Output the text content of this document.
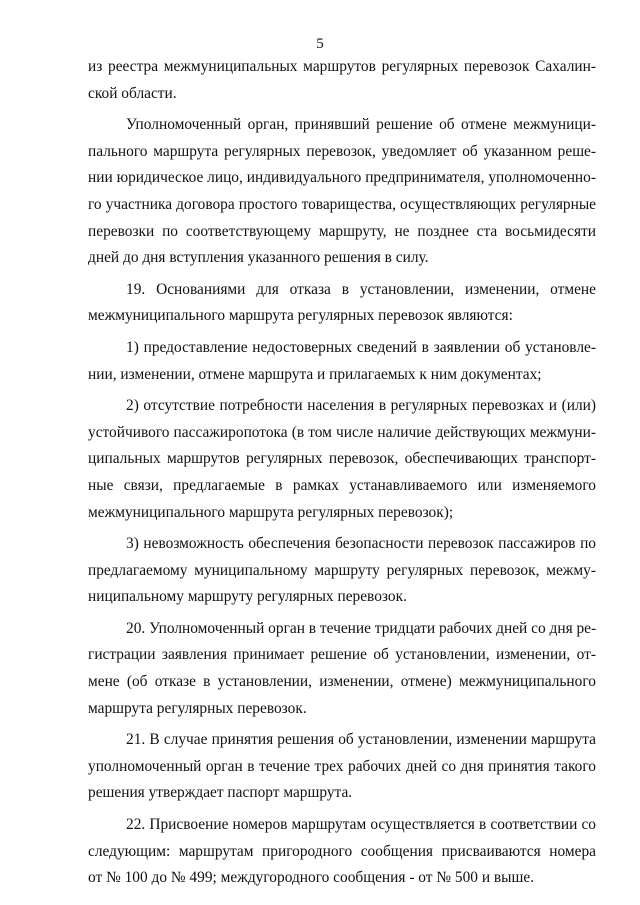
5
из реестра межмуниципальных маршрутов регулярных перевозок Сахалин-
ской области.
Уполномоченный орган, принявший решение об отмене межмуници-
пального маршрута регулярных перевозок, уведомляет об указанном реше-
нии юридическое лицо, индивидуального предпринимателя, уполномоченно-
го участника договора простого товарищества, осуществляющих регулярные
перевозки по соответствующему маршруту, не позднее ста восьмидесяти
дней до дня вступления указанного решения в силу.
19. Основаниями для отказа в установлении, изменении, отмене
межмуниципального маршрута регулярных перевозок являются:
1) предоставление недостоверных сведений в заявлении об установле-
нии, изменении, отмене маршрута и прилагаемых к ним документах;
2) отсутствие потребности населения в регулярных перевозках и (или)
устойчивого пассажиропотока (в том числе наличие действующих межмуни-
ципальных маршрутов регулярных перевозок, обеспечивающих транспорт-
ные связи, предлагаемые в рамках устанавливаемого или изменяемого
межмуниципального маршрута регулярных перевозок);
3) невозможность обеспечения безопасности перевозок пассажиров по
предлагаемому муниципальному маршруту регулярных перевозок, межму-
ниципальному маршруту регулярных перевозок.
20. Уполномоченный орган в течение тридцати рабочих дней со дня ре-
гистрации заявления принимает решение об установлении, изменении, от-
мене (об отказе в установлении, изменении, отмене) межмуниципального
маршрута регулярных перевозок.
21. В случае принятия решения об установлении, изменении маршрута
уполномоченный орган в течение трех рабочих дней со дня принятия такого
решения утверждает паспорт маршрута.
22. Присвоение номеров маршрутам осуществляется в соответствии со
следующим: маршрутам пригородного сообщения присваиваются номера
от № 100 до № 499; междугородного сообщения - от № 500 и выше.
